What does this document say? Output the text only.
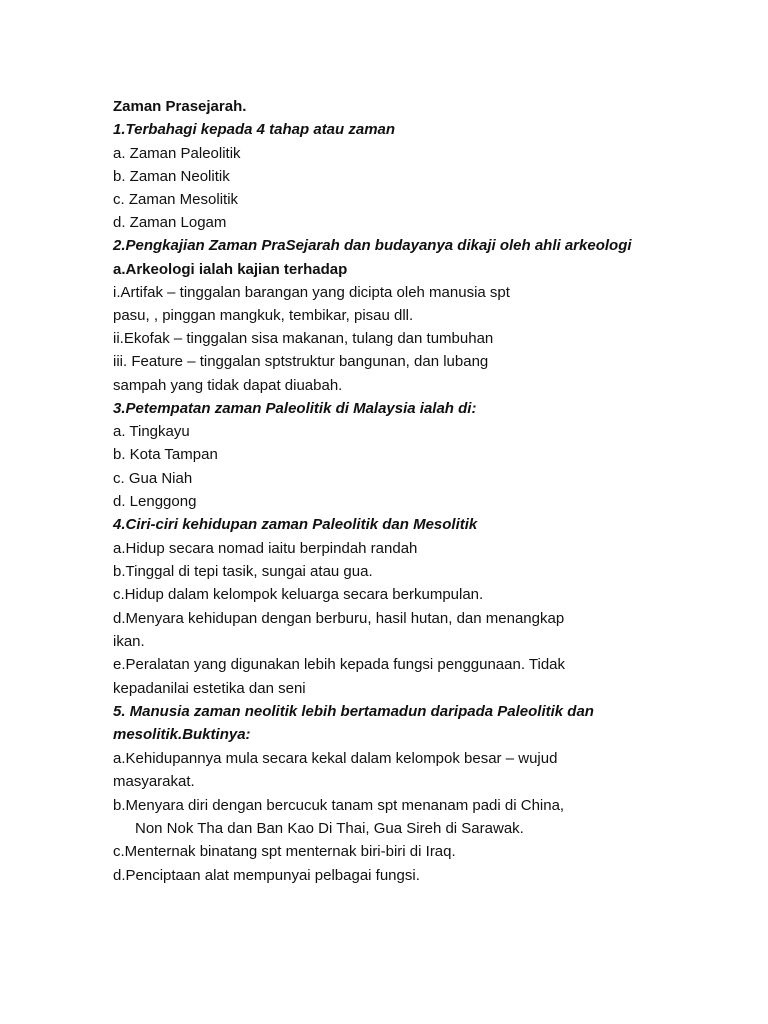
Zaman Prasejarah.
1.Terbahagi kepada 4 tahap atau zaman
a. Zaman Paleolitik
b. Zaman Neolitik
c. Zaman Mesolitik
d. Zaman Logam
2.Pengkajian Zaman PraSejarah dan budayanya dikaji oleh ahli arkeologi
a.Arkeologi ialah kajian terhadap
i.Artifak – tinggalan barangan yang dicipta oleh manusia spt
pasu, , pinggan mangkuk, tembikar, pisau dll.
ii.Ekofak – tinggalan sisa makanan, tulang dan tumbuhan
iii. Feature – tinggalan sptstruktur bangunan, dan lubang
sampah yang tidak dapat diuabah.
3.Petempatan zaman Paleolitik di Malaysia ialah di:
a. Tingkayu
b. Kota Tampan
c. Gua Niah
d. Lenggong
4.Ciri-ciri kehidupan zaman Paleolitik dan Mesolitik
a.Hidup secara nomad iaitu berpindah randah
b.Tinggal di tepi tasik, sungai atau gua.
c.Hidup dalam kelompok keluarga secara berkumpulan.
d.Menyara kehidupan dengan berburu, hasil hutan, dan menangkap
ikan.
e.Peralatan yang digunakan lebih kepada fungsi penggunaan. Tidak
kepadanilai estetika dan seni
5. Manusia zaman neolitik lebih bertamadun daripada Paleolitik dan
mesolitik.Buktinya:
a.Kehidupannya mula secara kekal dalam kelompok besar – wujud
masyarakat.
b.Menyara diri dengan bercucuk tanam spt menanam padi di China,
Non Nok Tha dan Ban Kao Di Thai, Gua Sireh di Sarawak.
c.Menternak binatang spt menternak biri-biri di Iraq.
d.Penciptaan alat mempunyai pelbagai fungsi.
